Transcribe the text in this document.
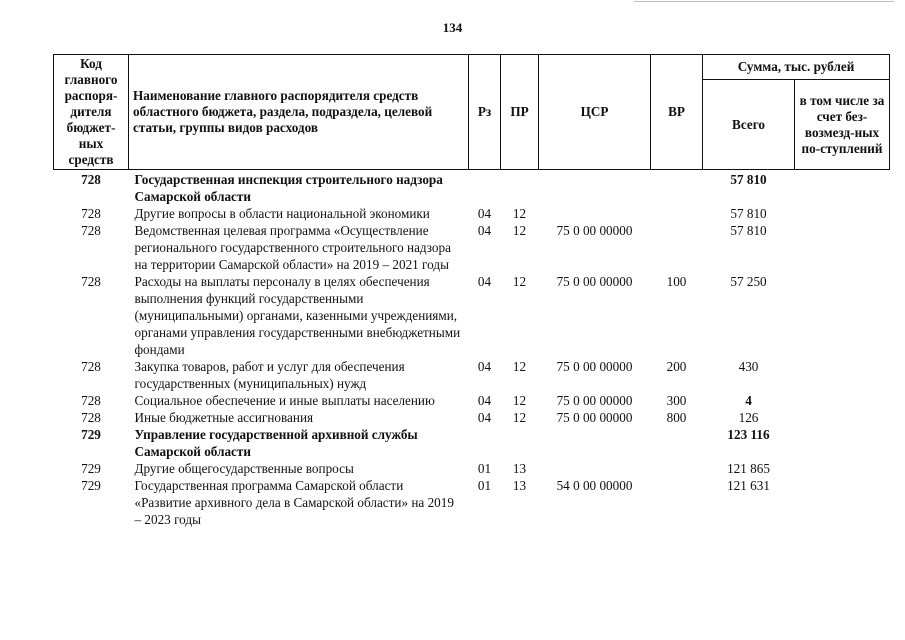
134
Код главного распоря-дителя бюджет-ных средств	Наименование главного распорядителя средств областного бюджета, раздела, подраздела, целевой статьи, группы видов расходов	Рз	ПР	ЦСР	ВР	Сумма, тыс. рублей	
						Всего	в том числе за счет без-возмезд-ных по-ступлений
728	Государственная инспекция строительного надзора Самарской области					57 810	
728	Другие вопросы в области национальной экономики	04	12			57 810	
728	Ведомственная целевая программа «Осуществление регионального государственного строительного надзора на территории Самарской области» на 2019 – 2021 годы	04	12	75 0 00 00000		57 810	
728	Расходы на выплаты персоналу в целях обеспечения выполнения функций государственными (муниципальными) органами, казенными учреждениями, органами управления государственными внебюджетными фондами	04	12	75 0 00 00000	100	57 250	
728	Закупка товаров, работ и услуг для обеспечения государственных (муниципальных) нужд	04	12	75 0 00 00000	200	430	
728	Социальное обеспечение и иные выплаты населению	04	12	75 0 00 00000	300	4	
728	Иные бюджетные ассигнования	04	12	75 0 00 00000	800	126	
729	Управление государственной архивной службы Самарской области					123 116	
729	Другие общегосударственные вопросы	01	13			121 865	
729	Государственная программа Самарской области «Развитие архивного дела в Самарской области» на 2019 – 2023 годы	01	13	54 0 00 00000		121 631	
